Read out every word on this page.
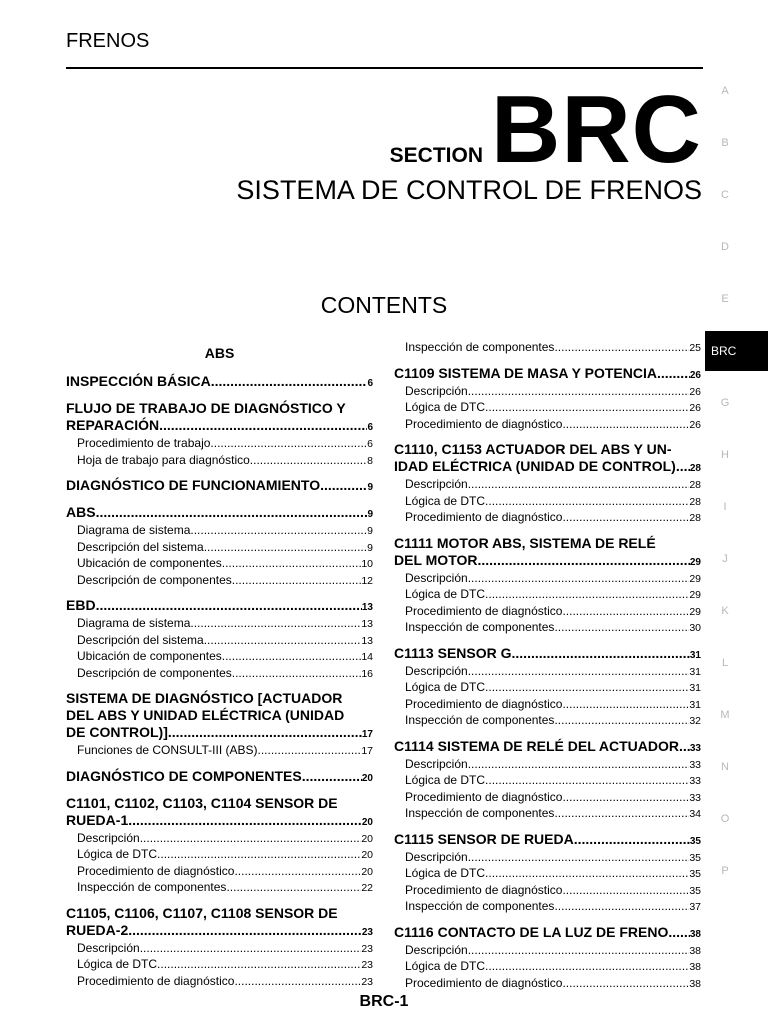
FRENOS
SECTION BRC
SISTEMA DE CONTROL DE FRENOS
CONTENTS
ABS
INSPECCIÓN BÁSICA .....	6
FLUJO DE TRABAJO DE DIAGNÓSTICO Y
REPARACIÓN .....	6
Procedimiento de trabajo .....	6
Hoja de trabajo para diagnóstico .....	8
DIAGNÓSTICO DE FUNCIONAMIENTO .....	9
ABS .....	9
Diagrama de sistema .....	9
Descripción del sistema .....	9
Ubicación de componentes .....	10
Descripción de componentes .....	12
EBD .....	13
Diagrama de sistema .....	13
Descripción del sistema .....	13
Ubicación de componentes .....	14
Descripción de componentes .....	16
SISTEMA DE DIAGNÓSTICO [ACTUADOR
DEL ABS Y UNIDAD ELÉCTRICA (UNIDAD
DE CONTROL)] .....	17
Funciones de CONSULT-III (ABS) .....	17
DIAGNÓSTICO DE COMPONENTES .....	20
C1101, C1102, C1103, C1104 SENSOR DE
RUEDA-1 .....	20
Descripción .....	20
Lógica de DTC .....	20
Procedimiento de diagnóstico .....	20
Inspección de componentes .....	22
C1105, C1106, C1107, C1108 SENSOR DE
RUEDA-2 .....	23
Descripción .....	23
Lógica de DTC .....	23
Procedimiento de diagnóstico .....	23
Inspección de componentes .....	25
C1109 SISTEMA DE MASA Y POTENCIA .....	26
Descripción .....	26
Lógica de DTC .....	26
Procedimiento de diagnóstico .....	26
C1110, C1153 ACTUADOR DEL ABS Y UN-
IDAD ELÉCTRICA (UNIDAD DE CONTROL) ..... 28
Descripción .....	28
Lógica de DTC .....	28
Procedimiento de diagnóstico .....	28
C1111 MOTOR ABS, SISTEMA DE RELÉ
DEL MOTOR .....	29
Descripción .....	29
Lógica de DTC .....	29
Procedimiento de diagnóstico .....	29
Inspección de componentes .....	30
C1113 SENSOR G .....	31
Descripción .....	31
Lógica de DTC .....	31
Procedimiento de diagnóstico .....	31
Inspección de componentes .....	32
C1114 SISTEMA DE RELÉ DEL ACTUADOR ..... 33
Descripción .....	33
Lógica de DTC .....	33
Procedimiento de diagnóstico .....	33
Inspección de componentes .....	34
C1115 SENSOR DE RUEDA .....	35
Descripción .....	35
Lógica de DTC .....	35
Procedimiento de diagnóstico .....	35
Inspección de componentes .....	37
C1116 CONTACTO DE LA LUZ DE FRENO ..... 38
Descripción .....	38
Lógica de DTC .....	38
Procedimiento de diagnóstico .....	38
A
B
C
D
E
BRC
G
H
I
J
K
L
M
N
O
P
BRC-1
